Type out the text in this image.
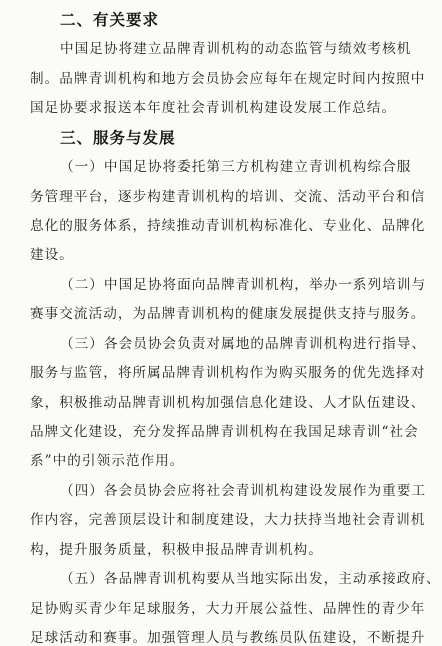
二、有关要求
中国足协将建立品牌青训机构的动态监管与绩效考核机
制。品牌青训机构和地方会员协会应每年在规定时间内按照中
国足协要求报送本年度社会青训机构建设发展工作总结。
三、服务与发展
（一）中国足协将委托第三方机构建立青训机构综合服
务管理平台，逐步构建青训机构的培训、交流、活动平台和信
息化的服务体系，持续推动青训机构标准化、专业化、品牌化
建设。
（二）中国足协将面向品牌青训机构，举办一系列培训与
赛事交流活动，为品牌青训机构的健康发展提供支持与服务。
（三）各会员协会负责对属地的品牌青训机构进行指导、
服务与监管，将所属品牌青训机构作为购买服务的优先选择对
象，积极推动品牌青训机构加强信息化建设、人才队伍建设、
品牌文化建设，充分发挥品牌青训机构在我国足球青训“社会
系”中的引领示范作用。
（四）各会员协会应将社会青训机构建设发展作为重要工
作内容，完善顶层设计和制度建设，大力扶持当地社会青训机
构，提升服务质量，积极申报品牌青训机构。
（五）各品牌青训机构要从当地实际出发，主动承接政府、
足协购买青少年足球服务，大力开展公益性、品牌性的青少年
足球活动和赛事。加强管理人员与教练员队伍建设，不断提升
